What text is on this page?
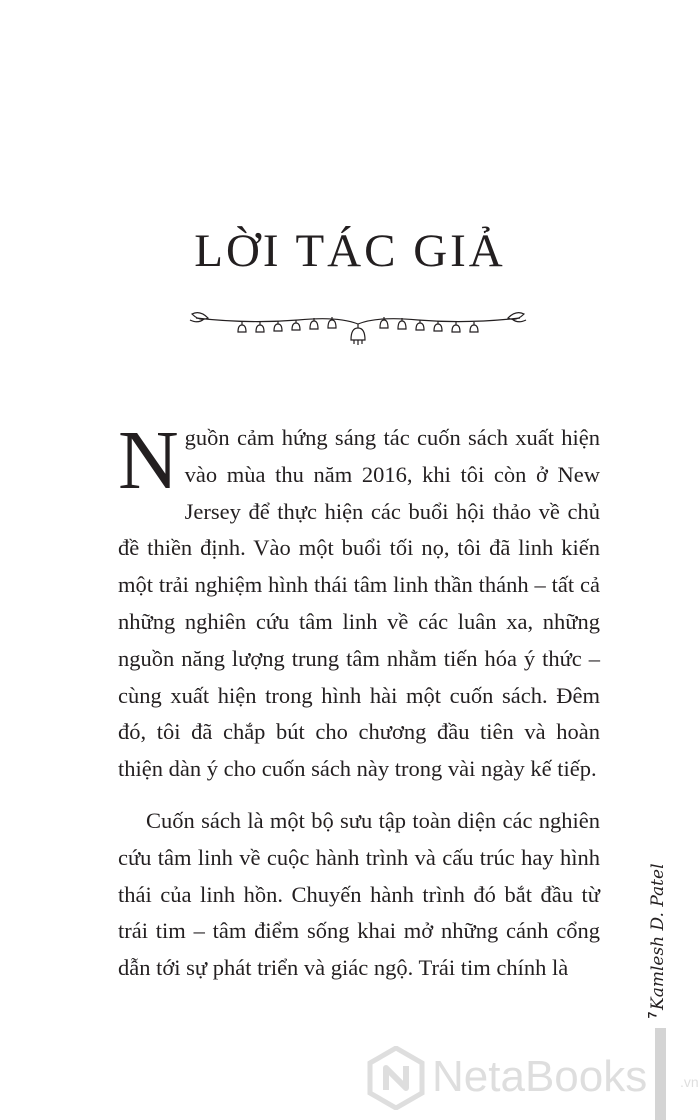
LỜI TÁC GIẢ

Nguồn cảm hứng sáng tác cuốn sách xuất hiện vào mùa thu năm 2016, khi tôi còn ở New Jersey để thực hiện các buổi hội thảo về chủ đề thiền định. Vào một buổi tối nọ, tôi đã linh kiến một trải nghiệm hình thái tâm linh thần thánh – tất cả những nghiên cứu tâm linh về các luân xa, những nguồn năng lượng trung tâm nhằm tiến hóa ý thức – cùng xuất hiện trong hình hài một cuốn sách. Đêm đó, tôi đã chắp bút cho chương đầu tiên và hoàn thiện dàn ý cho cuốn sách này trong vài ngày kế tiếp.

Cuốn sách là một bộ sưu tập toàn diện các nghiên cứu tâm linh về cuộc hành trình và cấu trúc hay hình thái của linh hồn. Chuyến hành trình đó bắt đầu từ trái tim – tâm điểm sống khai mở những cánh cổng dẫn tới sự phát triển và giác ngộ. Trái tim chính là	Kamlesh D. Patel
7
NetaBooks .vn
